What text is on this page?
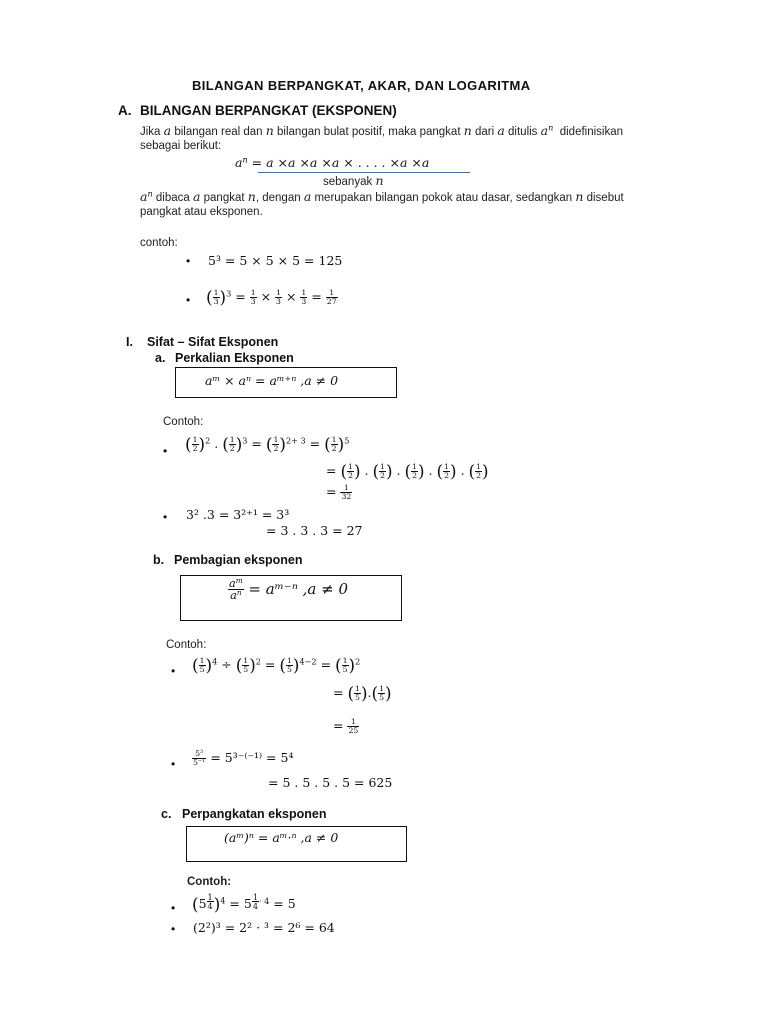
BILANGAN BERPANGKAT, AKAR, DAN LOGARITMA
A. BILANGAN BERPANGKAT (EKSPONEN)
Jika a bilangan real dan n bilangan bulat positif, maka pangkat n dari a ditulis $a^n$ didefinisikan
sebagai berikut:
$a^n = a \times a \times a \times a$ × . . . . ×a ×a
sebanyak n
$a^n$ dibaca a pangkat n, dengan a merupakan bilangan pokok atau dasar, sedangkan n disebut
pangkat atau eksponen.
contoh:
• 5³ = 5 × 5 × 5 = 125
• ( $\frac{1}{3} )^3 = \frac{1}{3} \times \frac{1}{3} \times \frac{1}{3} = \frac{1}{27}$
I. Sifat – Sifat Eksponen
a. Perkalian Eksponen
aᵐ × aⁿ = aᵐ⁺ⁿ ,a ≠ 0
Contoh:
• ( $\frac{1}{2} )^2$ . ( $\frac{1}{2} )^3$ = ( $\frac{1}{2} )^{2+ 3}$ = ( $\frac{1}{2} )^5$
= ( $\frac{1}{2}$ ) . ( $\frac{1}{2}$ ) . ( $\frac{1}{2}$ ) . ( $\frac{1}{2}$ ) . ( $\frac{1}{2}$ )
= $\frac{1}{32}$
• 3² .3 = 3²⁺¹ = 3³
= 3 . 3 . 3 = 27
b. Pembagian eksponen
$\frac{a^m}{a^n}$ = aᵐ⁻ⁿ ,a ≠ 0
Contoh:
• ( $\frac{1}{5} )^4$ ÷ ( $\frac{1}{5} )^2$ = ( $\frac{1}{5} )^{4-2}$ = ( $\frac{1}{5} )^2$
= ( $\frac{1}{5}$ ).( $\frac{1}{5}$ )
= $\frac{1}{25}$
• $\frac{5^3}{5^{-1}} = 5^{3-(-1)} = 5^4$
= 5 . 5 . 5 . 5 = 625
c. Perpangkatan eksponen
(aᵐ)ⁿ = aᵐ·ⁿ ,a ≠ 0
Contoh:
• (5 $^{\frac{1}{4}}$ )$^4$ = 5 $^{\frac{1}{4} \cdot 4}$ = 5
• (2²)³ = 2² · ³ = 2⁶ = 64
